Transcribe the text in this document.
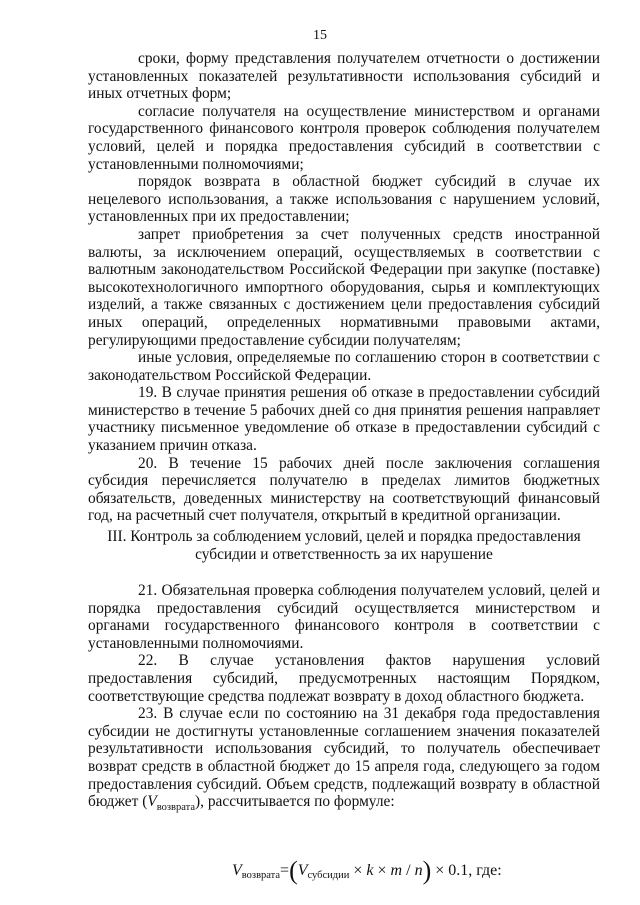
15

сроки, форму представления получателем отчетности о достижении установленных показателей результативности использования субсидий и иных отчетных форм;

согласие получателя на осуществление министерством и органами государственного финансового контроля проверок соблюдения получателем условий, целей и порядка предоставления субсидий в соответствии с установленными полномочиями;

порядок возврата в областной бюджет субсидий в случае их нецелевого использования, а также использования с нарушением условий, установленных при их предоставлении;

запрет приобретения за счет полученных средств иностранной валюты, за исключением операций, осуществляемых в соответствии с валютным законодательством Российской Федерации при закупке (поставке) высокотехнологичного импортного оборудования, сырья и комплектующих изделий, а также связанных с достижением цели предоставления субсидий иных операций, определенных нормативными правовыми актами, регулирующими предоставление субсидии получателям;

иные условия, определяемые по соглашению сторон в соответствии с законодательством Российской Федерации.

19. В случае принятия решения об отказе в предоставлении субсидий министерство в течение 5 рабочих дней со дня принятия решения направляет участнику письменное уведомление об отказе в предоставлении субсидий с указанием причин отказа.

20. В течение 15 рабочих дней после заключения соглашения субсидия перечисляется получателю в пределах лимитов бюджетных обязательств, доведенных министерству на соответствующий финансовый год, на расчетный счет получателя, открытый в кредитной организации.

III. Контроль за соблюдением условий, целей и порядка предоставления

субсидии и ответственность за их нарушение

21. Обязательная проверка соблюдения получателем условий, целей и порядка предоставления субсидий осуществляется министерством и органами государственного финансового контроля в соответствии с установленными полномочиями.

22. В случае установления фактов нарушения условий предоставления субсидий, предусмотренных настоящим Порядком, соответствующие средства подлежат возврату в доход областного бюджета.

23. В случае если по состоянию на 31 декабря года предоставления субсидии не достигнуты установленные соглашением значения показателей результативности использования субсидий, то получатель обеспечивает возврат средств в областной бюджет до 15 апреля года, следующего за годом предоставления субсидий. Объем средств, подлежащий возврату в областной бюджет $(V_{возврата})$, рассчитывается по формуле:

$V_{возврата}=(V_{субсидии} \times k \times m / n) \times 0.1$, где:
